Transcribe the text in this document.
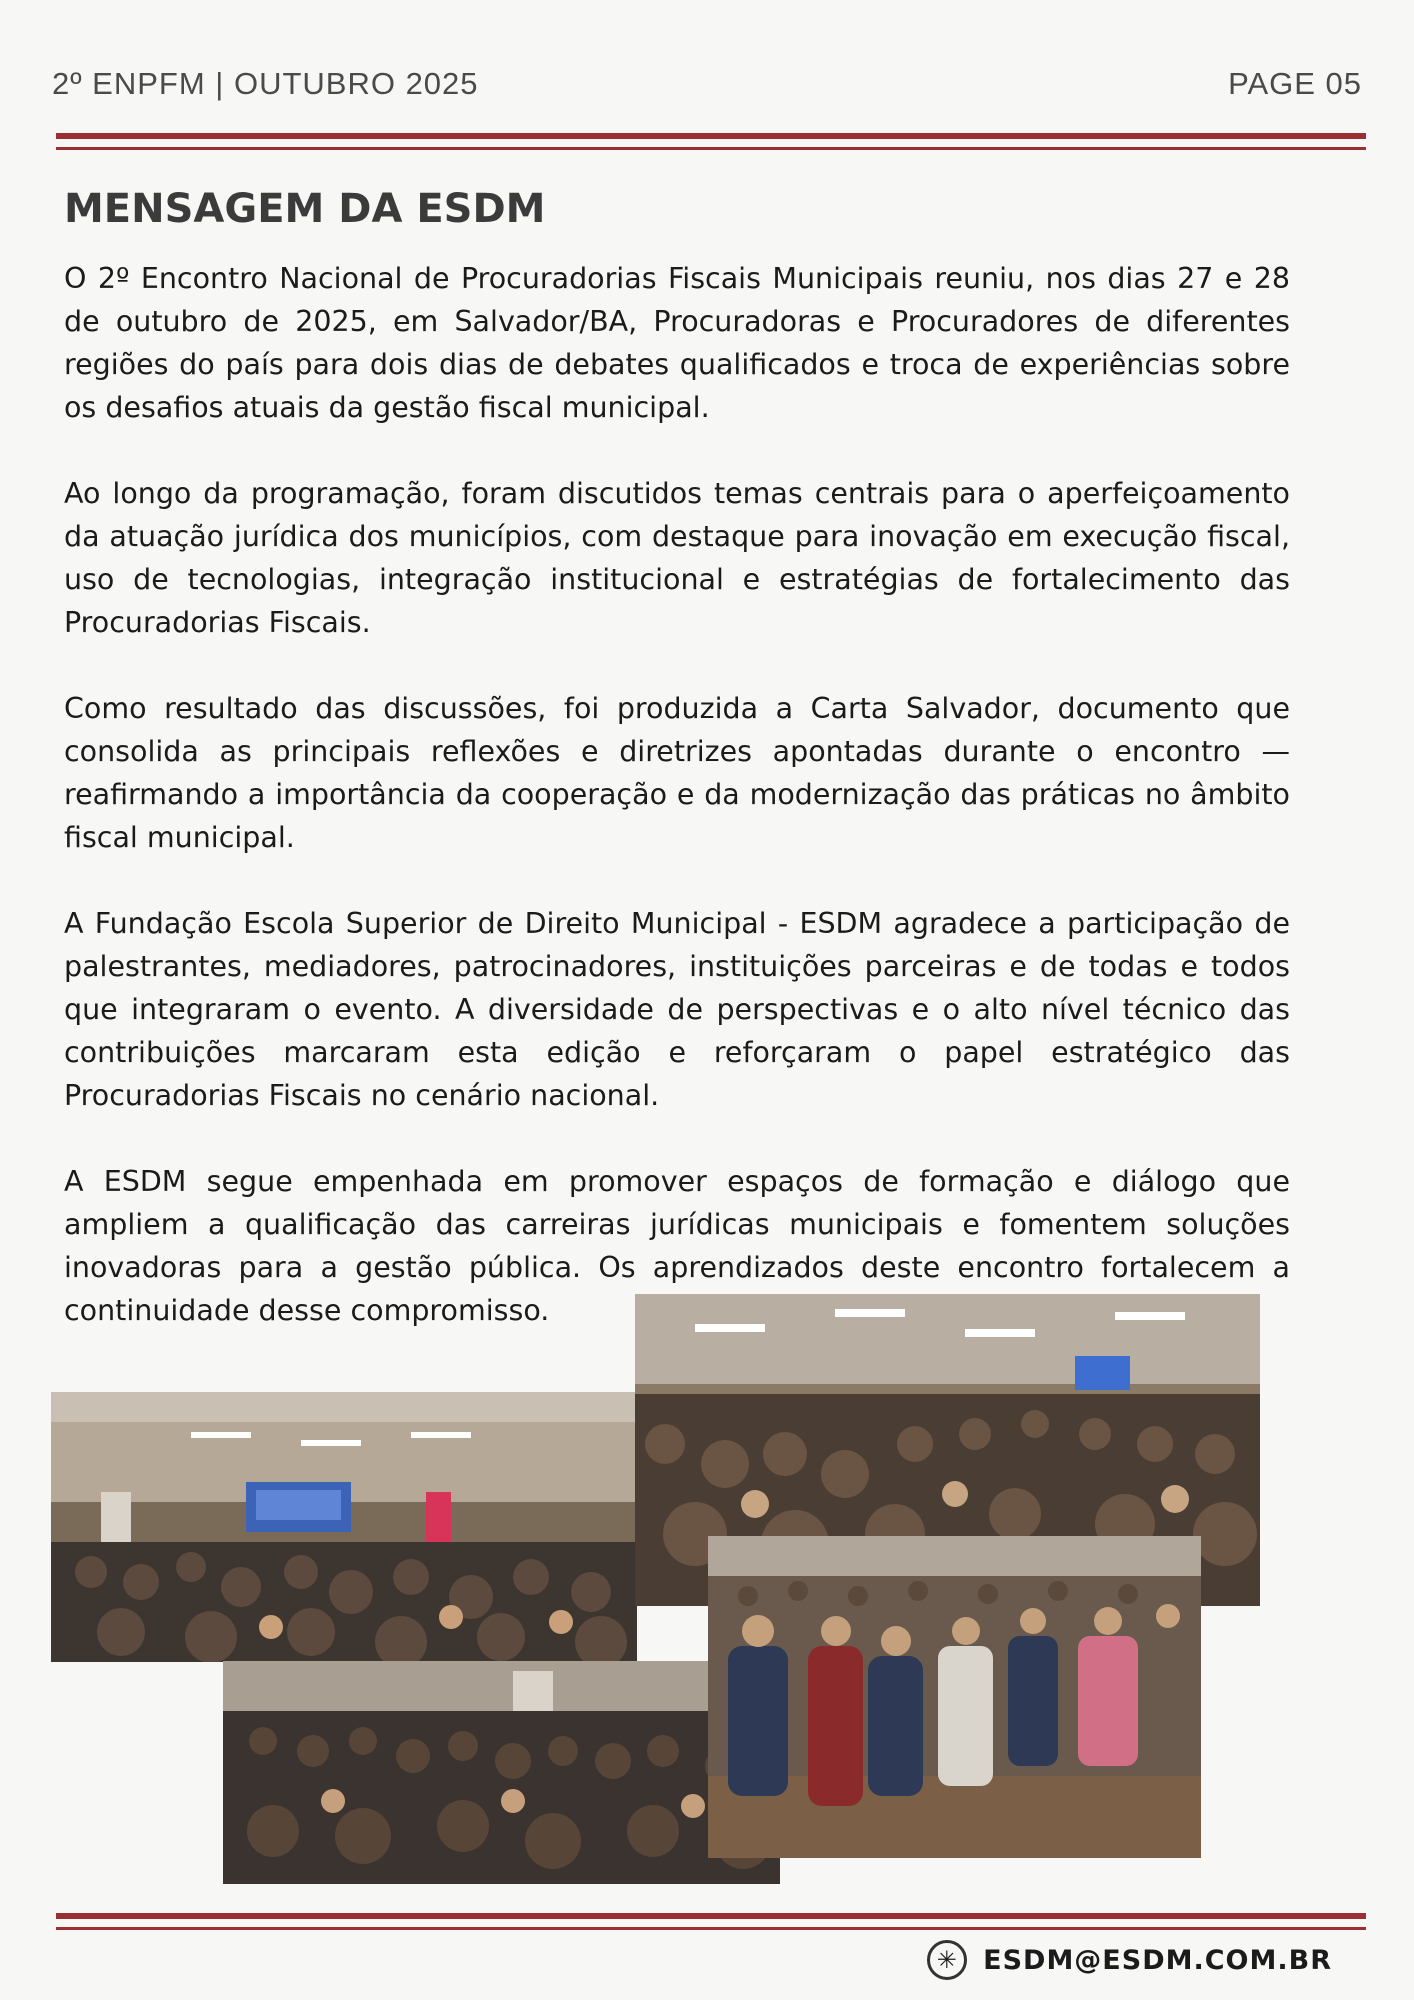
2º ENPFM | OUTUBRO 2025	PAGE 05
MENSAGEM DA ESDM

O 2º Encontro Nacional de Procuradorias Fiscais Municipais reuniu, nos dias 27 e 28 de outubro de 2025, em Salvador/BA, Procuradoras e Procuradores de diferentes regiões do país para dois dias de debates qualificados e troca de experiências sobre os desafios atuais da gestão fiscal municipal.

Ao longo da programação, foram discutidos temas centrais para o aperfeiçoamento da atuação jurídica dos municípios, com destaque para inovação em execução fiscal, uso de tecnologias, integração institucional e estratégias de fortalecimento das Procuradorias Fiscais.

Como resultado das discussões, foi produzida a Carta Salvador, documento que consolida as principais reflexões e diretrizes apontadas durante o encontro — reafirmando a importância da cooperação e da modernização das práticas no âmbito fiscal municipal.

A Fundação Escola Superior de Direito Municipal - ESDM agradece a participação de palestrantes, mediadores, patrocinadores, instituições parceiras e de todas e todos que integraram o evento. A diversidade de perspectivas e o alto nível técnico das contribuições marcaram esta edição e reforçaram o papel estratégico das Procuradorias Fiscais no cenário nacional.

A ESDM segue empenhada em promover espaços de formação e diálogo que ampliem a qualificação das carreiras jurídicas municipais e fomentem soluções inovadoras para a gestão pública. Os aprendizados deste encontro fortalecem a continuidade desse compromisso.

✳ ESDM@ESDM.COM.BR
